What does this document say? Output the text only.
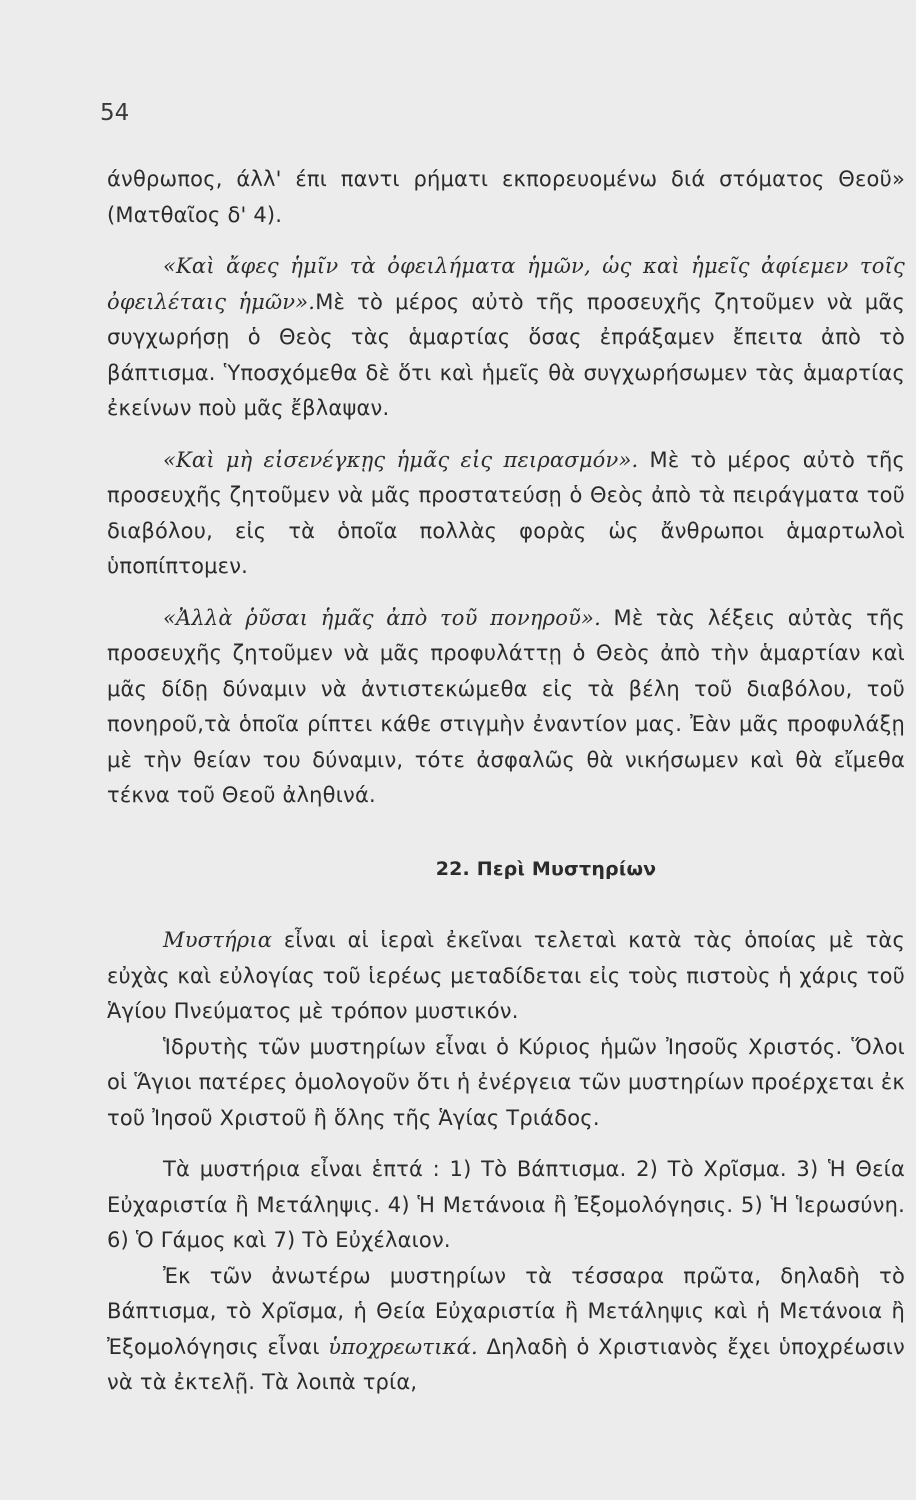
54

άνθρωπος, άλλ' έπι παντι ρήματι εκπορευομένω διά στόματος Θεοῦ» (Ματθαῖος δ' 4).

«Καὶ ἄφες ἡμῖν τὰ ὀφειλήματα ἡμῶν, ὡς καὶ ἡμεῖς ἀφίεμεν τοῖς ὀφειλέταις ἡμῶν».Μὲ τὸ μέρος αὐτὸ τῆς προσευχῆς ζητοῦμεν νὰ μᾶς συγχωρήσῃ ὁ Θεὸς τὰς ἁμαρτίας ὅσας ἐπράξαμεν ἔπειτα ἀπὸ τὸ βάπτισμα. Ὑποσχόμεθα δὲ ὅτι καὶ ἡμεῖς θὰ συγχωρήσωμεν τὰς ἁμαρτίας ἐκείνων ποὺ μᾶς ἔβλαψαν.

«Καὶ μὴ εἰσενέγκῃς ἡμᾶς εἰς πειρασμόν». Μὲ τὸ μέρος αὐτὸ τῆς προσευχῆς ζητοῦμεν νὰ μᾶς προστατεύσῃ ὁ Θεὸς ἀπὸ τὰ πειράγματα τοῦ διαβόλου, εἰς τὰ ὁποῖα πολλὰς φορὰς ὡς ἄνθρωποι ἁμαρτωλοὶ ὑποπίπτομεν.

«Ἀλλὰ ῥῦσαι ἡμᾶς ἀπὸ τοῦ πονηροῦ». Μὲ τὰς λέξεις αὐτὰς τῆς προσευχῆς ζητοῦμεν νὰ μᾶς προφυλάττῃ ὁ Θεὸς ἀπὸ τὴν ἁμαρτίαν καὶ μᾶς δίδῃ δύναμιν νὰ ἀντιστεκώμεθα εἰς τὰ βέλη τοῦ διαβόλου, τοῦ πονηροῦ,τὰ ὁποῖα ρίπτει κάθε στιγμὴν ἐναντίον μας. Ἐὰν μᾶς προφυλάξῃ μὲ τὴν θείαν του δύναμιν, τότε ἀσφαλῶς θὰ νικήσωμεν καὶ θὰ εἴμεθα τέκνα τοῦ Θεοῦ ἀληθινά.

22. Περὶ Μυστηρίων

Μυστήρια εἶναι αἱ ἱεραὶ ἐκεῖναι τελεταὶ κατὰ τὰς ὁποίας μὲ τὰς εὐχὰς καὶ εὐλογίας τοῦ ἱερέως μεταδίδεται εἰς τοὺς πιστοὺς ἡ χάρις τοῦ Ἁγίου Πνεύματος μὲ τρόπον μυστικόν.

Ἱδρυτὴς τῶν μυστηρίων εἶναι ὁ Κύριος ἡμῶν Ἰησοῦς Χριστός. Ὅλοι οἱ Ἅγιοι πατέρες ὁμολογοῦν ὅτι ἡ ἐνέργεια τῶν μυστηρίων προέρχεται ἐκ τοῦ Ἰησοῦ Χριστοῦ ἢ ὅλης τῆς Ἁγίας Τριάδος.

Τὰ μυστήρια εἶναι ἑπτά : 1) Τὸ Βάπτισμα. 2) Τὸ Χρῖσμα. 3) Ἡ Θεία Εὐχαριστία ἢ Μετάληψις. 4) Ἡ Μετάνοια ἢ Ἐξομολόγησις. 5) Ἡ Ἱερωσύνη. 6) Ὁ Γάμος καὶ 7) Τὸ Εὐχέλαιον.

Ἐκ τῶν ἀνωτέρω μυστηρίων τὰ τέσσαρα πρῶτα, δηλαδὴ τὸ Βάπτισμα, τὸ Χρῖσμα, ἡ Θεία Εὐχαριστία ἢ Μετάληψις καὶ ἡ Μετάνοια ἢ Ἐξομολόγησις εἶναι ὑποχρεωτικά. Δηλαδὴ ὁ Χριστιανὸς ἔχει ὑποχρέωσιν νὰ τὰ ἐκτελῇ. Τὰ λοιπὰ τρία,
